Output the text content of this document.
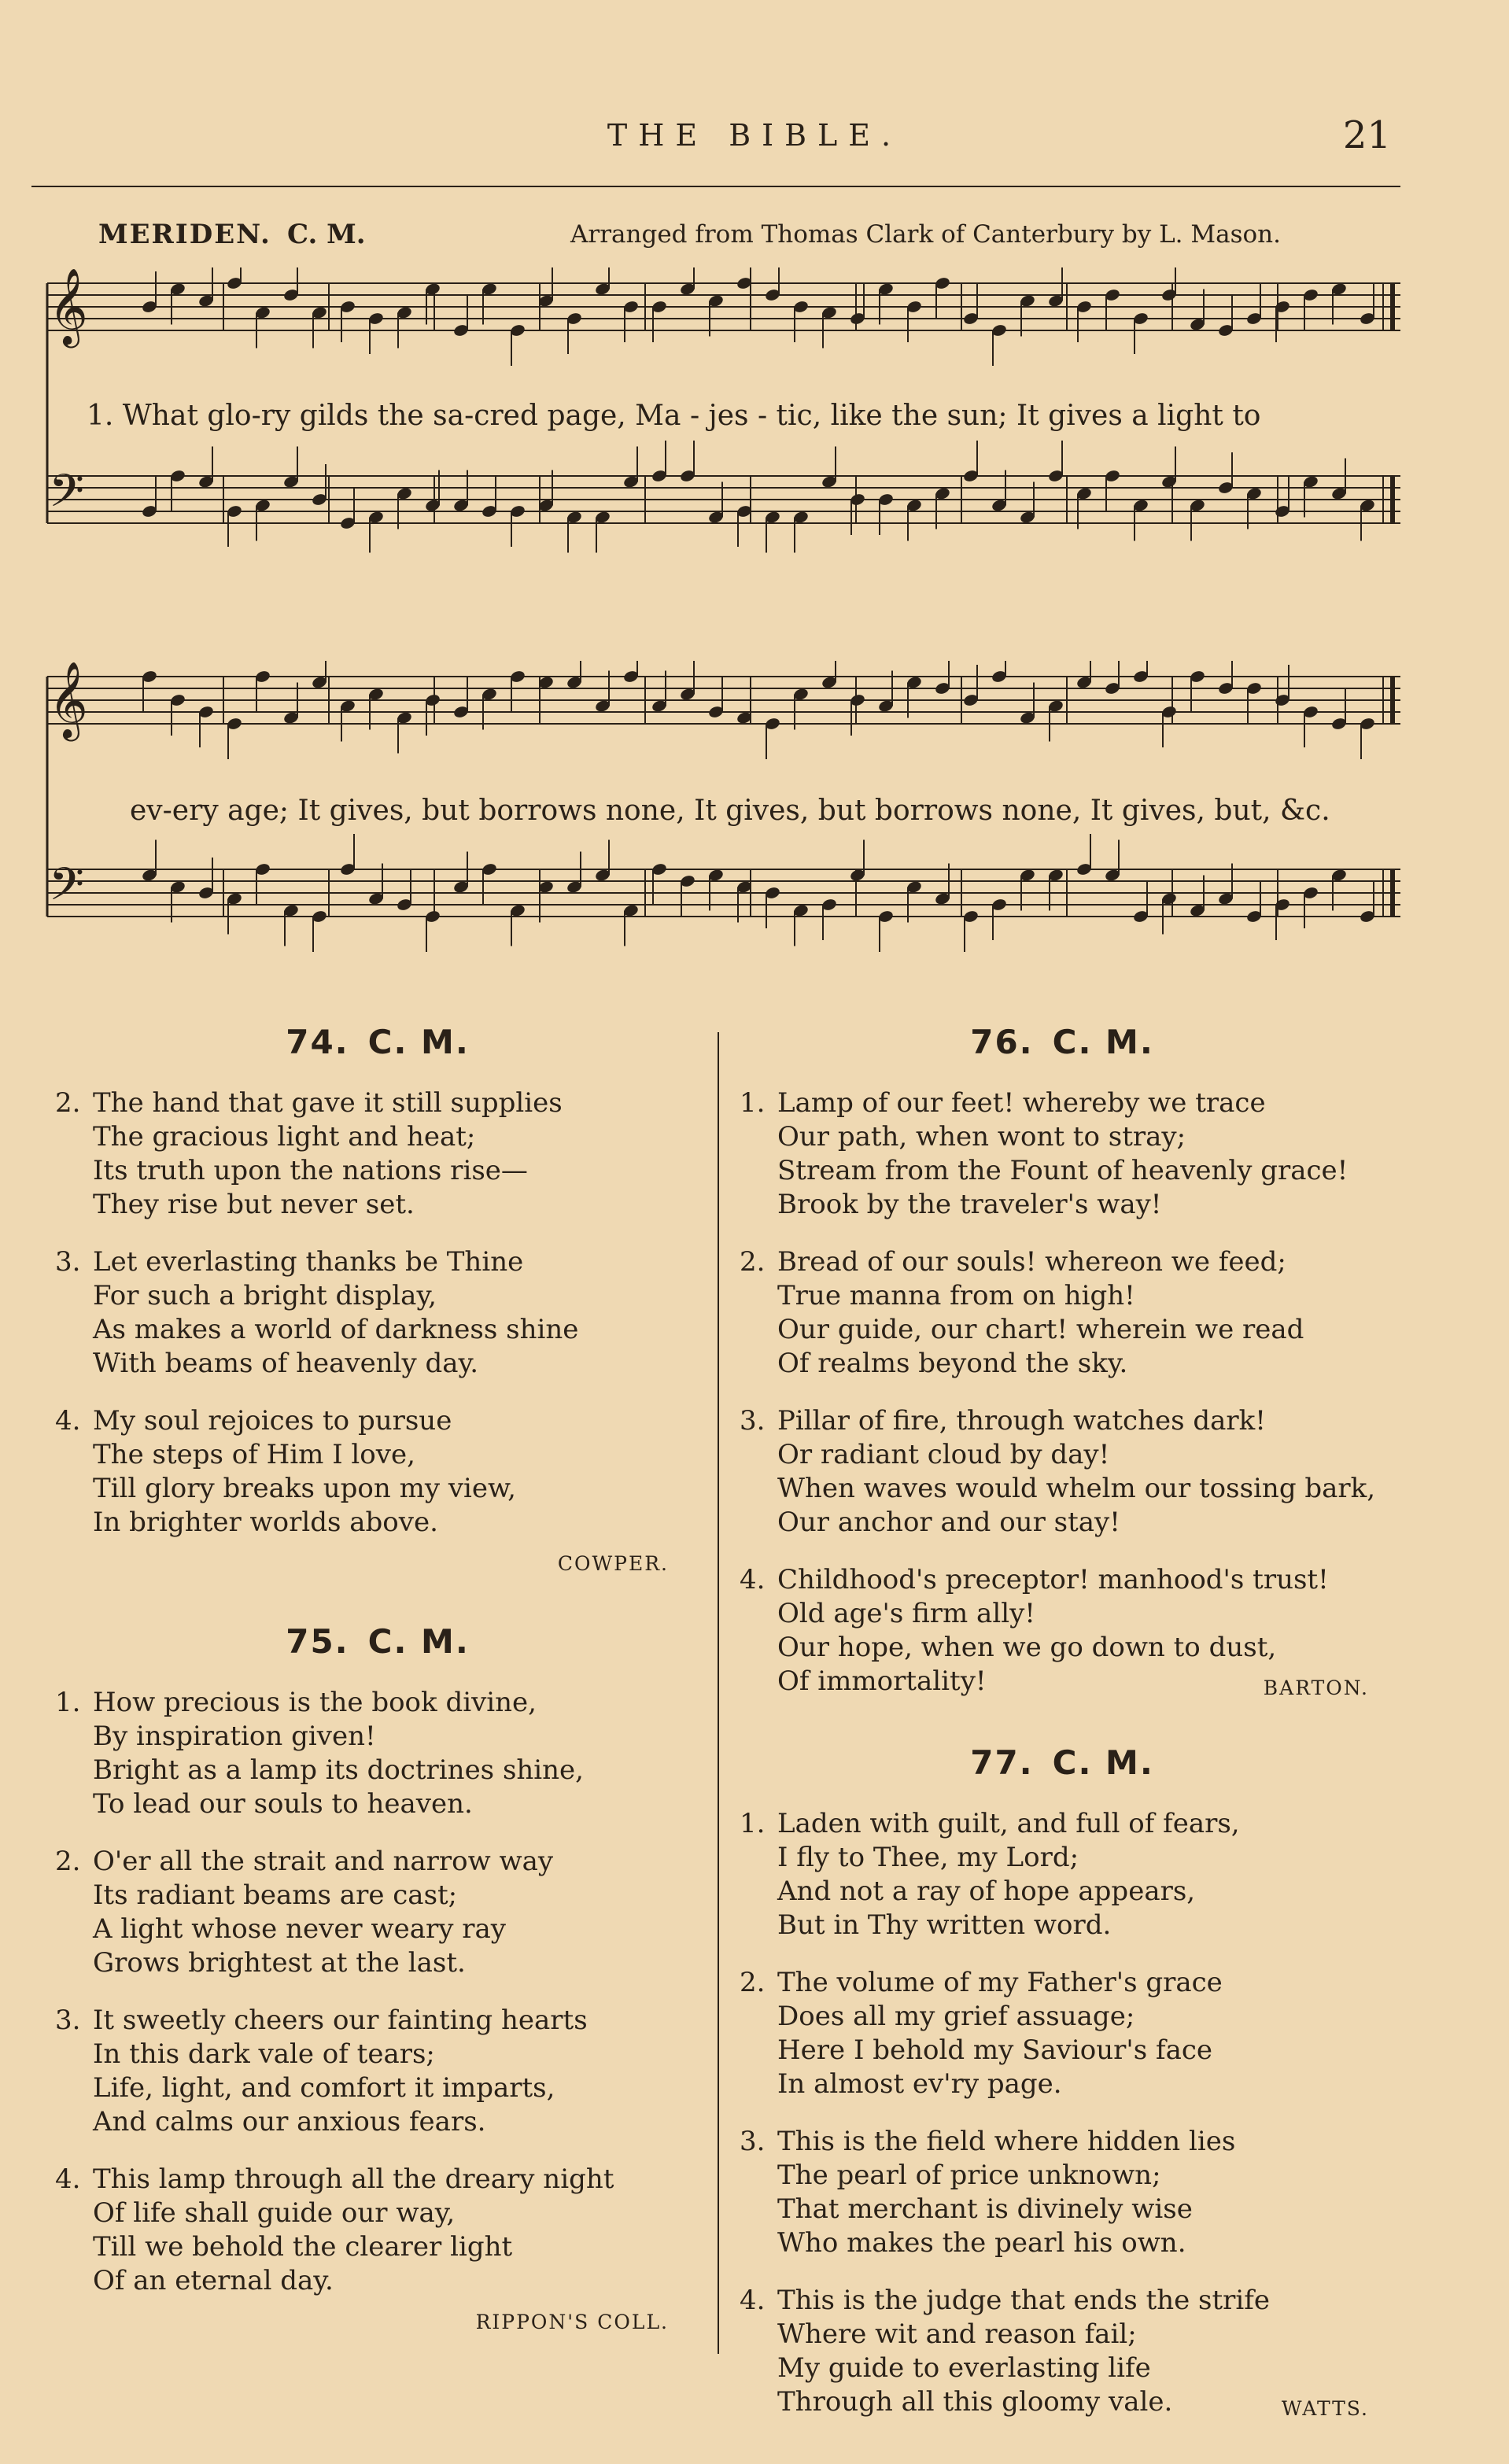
THE BIBLE.	21
MERIDEN. C. M.	Arranged from Thomas Clark of Canterbury by L. Mason.
𝄞
𝄢
1. What glo-ry gilds the sa-cred page, Ma - jes - tic, like the sun; It gives a light to
𝄞
𝄢
ev-ery age; It gives, but borrows none, It gives, but borrows none, It gives, but, &c.
74. C. M.
2. The hand that gave it still supplies
The gracious light and heat;
Its truth upon the nations rise—
They rise but never set.
3. Let everlasting thanks be Thine
For such a bright display,
As makes a world of darkness shine
With beams of heavenly day.
4. My soul rejoices to pursue
The steps of Him I love,
Till glory breaks upon my view,
In brighter worlds above.
COWPER.
75. C. M.
1. How precious is the book divine,
By inspiration given!
Bright as a lamp its doctrines shine,
To lead our souls to heaven.
2. O'er all the strait and narrow way
Its radiant beams are cast;
A light whose never weary ray
Grows brightest at the last.
3. It sweetly cheers our fainting hearts
In this dark vale of tears;
Life, light, and comfort it imparts,
And calms our anxious fears.
4. This lamp through all the dreary night
Of life shall guide our way,
Till we behold the clearer light
Of an eternal day.
RIPPON'S COLL.
76. C. M.
1. Lamp of our feet! whereby we trace
Our path, when wont to stray;
Stream from the Fount of heavenly grace!
Brook by the traveler's way!
2. Bread of our souls! whereon we feed;
True manna from on high!
Our guide, our chart! wherein we read
Of realms beyond the sky.
3. Pillar of fire, through watches dark!
Or radiant cloud by day!
When waves would whelm our tossing bark,
Our anchor and our stay!
4. Childhood's preceptor! manhood's trust!
Old age's firm ally!
Our hope, when we go down to dust,
Of immortality!	BARTON.
77. C. M.
1. Laden with guilt, and full of fears,
I fly to Thee, my Lord;
And not a ray of hope appears,
But in Thy written word.
2. The volume of my Father's grace
Does all my grief assuage;
Here I behold my Saviour's face
In almost ev'ry page.
3. This is the field where hidden lies
The pearl of price unknown;
That merchant is divinely wise
Who makes the pearl his own.
4. This is the judge that ends the strife
Where wit and reason fail;
My guide to everlasting life
Through all this gloomy vale.	WATTS.
